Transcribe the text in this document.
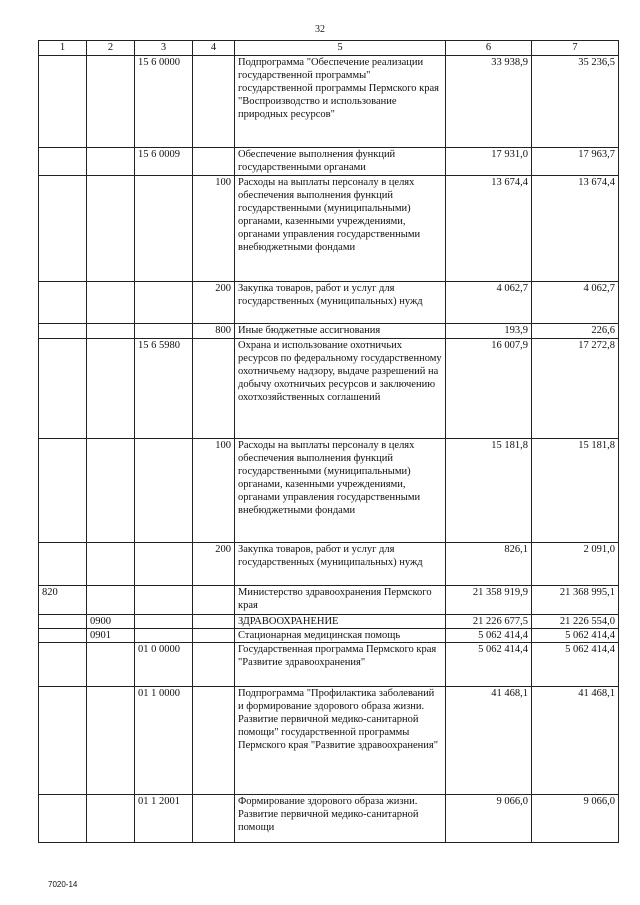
32
1	2	3	4	5	6	7
		15 6 0000		Подпрограмма "Обеспечение реализации государственной программы" государственной программы Пермского края "Воспроизводство и использование природных ресурсов"	33 938,9	35 236,5
		15 6 0009		Обеспечение выполнения функций государственными органами	17 931,0	17 963,7
			100	Расходы на выплаты персоналу в целях обеспечения выполнения функций государственными (муниципальными) органами, казенными учреждениями, органами управления государственными внебюджетными фондами	13 674,4	13 674,4
			200	Закупка товаров, работ и услуг для государственных (муниципальных) нужд	4 062,7	4 062,7
			800	Иные бюджетные ассигнования	193,9	226,6
		15 6 5980		Охрана и использование охотничьих ресурсов по федеральному государственному охотничьему надзору, выдаче разрешений на добычу охотничьих ресурсов и заключению охотхозяйственных соглашений	16 007,9	17 272,8
			100	Расходы на выплаты персоналу в целях обеспечения выполнения функций государственными (муниципальными) органами, казенными учреждениями, органами управления государственными внебюджетными фондами	15 181,8	15 181,8
			200	Закупка товаров, работ и услуг для государственных (муниципальных) нужд	826,1	2 091,0
820				Министерство здравоохранения Пермского края	21 358 919,9	21 368 995,1
	0900			ЗДРАВООХРАНЕНИЕ	21 226 677,5	21 226 554,0
	0901			Стационарная медицинская помощь	5 062 414,4	5 062 414,4
		01 0 0000		Государственная программа Пермского края "Развитие здравоохранения"	5 062 414,4	5 062 414,4
		01 1 0000		Подпрограмма "Профилактика заболеваний и формирование здорового образа жизни. Развитие первичной медико-санитарной помощи" государственной программы Пермского края "Развитие здравоохранения"	41 468,1	41 468,1
		01 1 2001		Формирование здорового образа жизни. Развитие первичной медико-санитарной помощи	9 066,0	9 066,0
7020-14
